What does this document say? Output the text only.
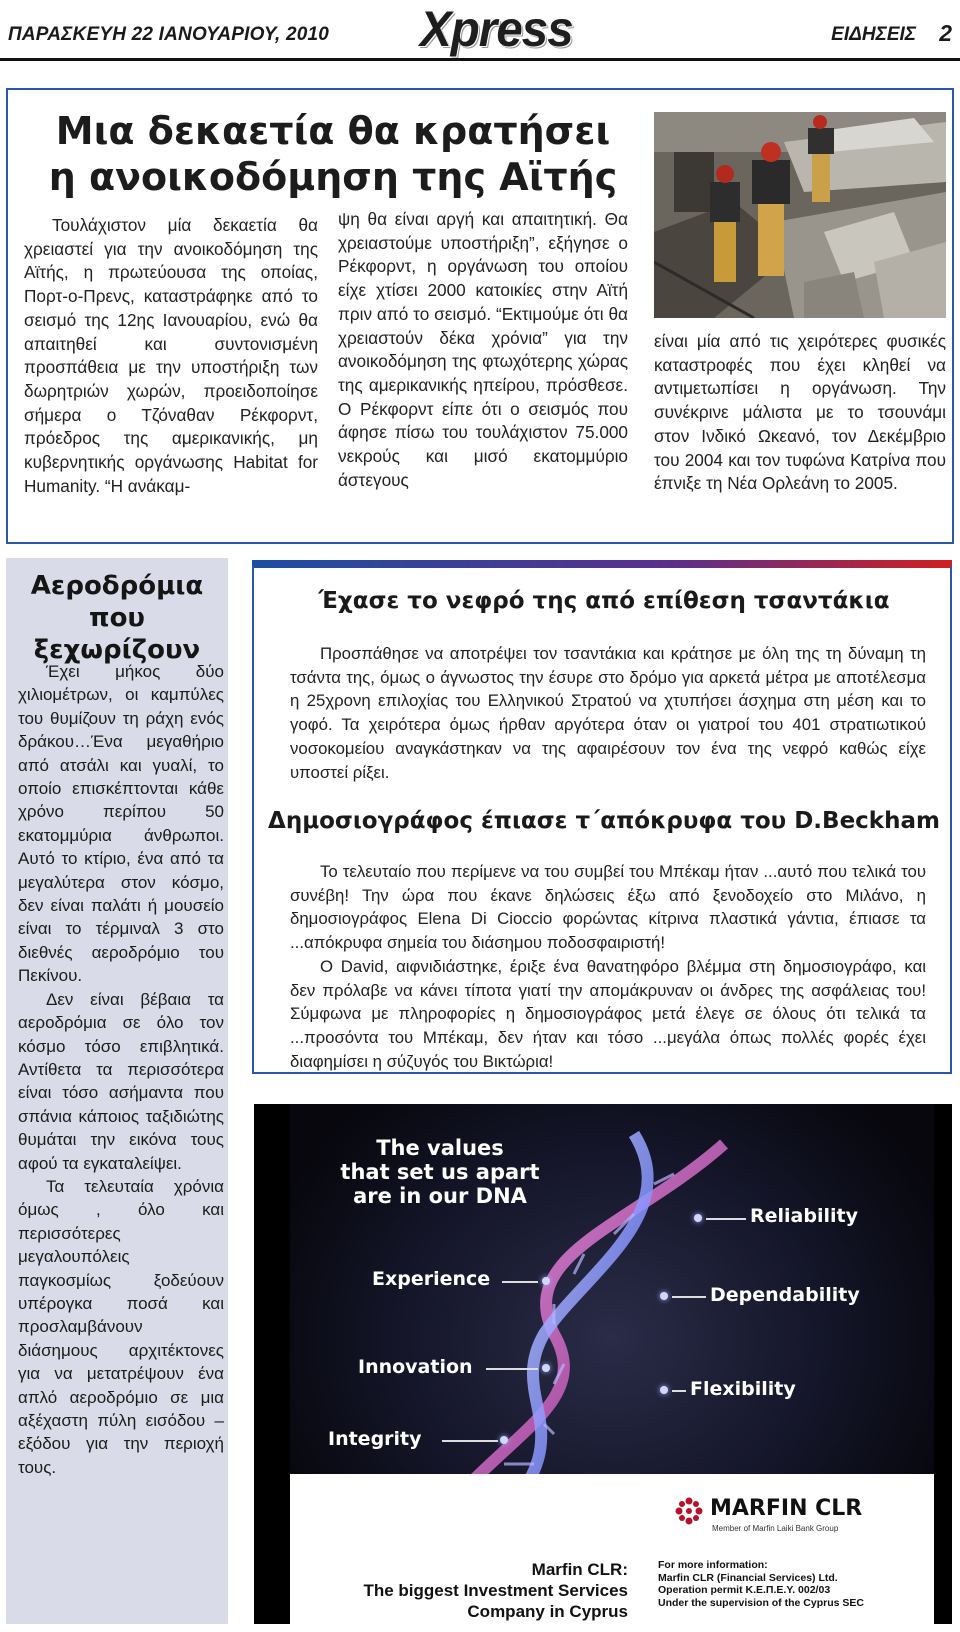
ΠΑΡΑΣΚΕΥΗ 22 ΙΑΝΟΥΑΡΙΟΥ, 2010 Xpress	ΕΙΔΗΣΕΙΣ 2
Μια δεκαετία θα κρατήσει
η ανοικοδόμηση της Αϊτής
Τουλάχιστον μία δεκαετία θα χρειαστεί για την ανοικοδόμηση της Αϊτής, η πρωτεύουσα της οποίας, Πορτ-ο-Πρενς, καταστράφηκε από το σεισμό της 12ης Ιανουαρίου, ενώ θα απαιτηθεί και συντονισμένη προσπάθεια με την υποστήριξη των δωρητριών χωρών, προειδοποίησε σήμερα ο Τζόναθαν Ρέκφορντ, πρόεδρος της αμερικανικής, μη κυβερνητικής οργάνωσης Habitat for Humanity. “Η ανάκαμ-
ψη θα είναι αργή και απαιτητική. Θα χρειαστούμε υποστήριξη”, εξήγησε ο Ρέκφορντ, η οργάνωση του οποίου είχε χτίσει 2000 κατοικίες στην Αϊτή πριν από το σεισμό. “Εκτιμούμε ότι θα χρειαστούν δέκα χρόνια” για την ανοικοδόμηση της φτωχότερης χώρας της αμερικανικής ηπείρου, πρόσθεσε. Ο Ρέκφορντ είπε ότι ο σεισμός που άφησε πίσω του τουλάχιστον 75.000 νεκρούς και μισό εκατομμύριο άστεγους
είναι μία από τις χειρότερες φυσικές καταστροφές που έχει κληθεί να αντιμετωπίσει η οργάνωση. Την συνέκρινε μάλιστα με το τσουνάμι στον Ινδικό Ωκεανό, τον Δεκέμβριο του 2004 και τον τυφώνα Κατρίνα που έπνιξε τη Νέα Ορλεάνη το 2005.
Αεροδρόμια
που ξεχωρίζουν

Έχει μήκος δύο χιλιομέτρων, οι καμπύλες του θυμίζουν τη ράχη ενός δράκου…Ένα μεγαθήριο από ατσάλι και γυαλί, το οποίο επισκέπτονται κάθε χρόνο περίπου 50 εκατομμύρια άνθρωποι. Αυτό το κτίριο, ένα από τα μεγαλύτερα στον κόσμο, δεν είναι παλάτι ή μουσείο είναι το τέρμιναλ 3 στο διεθνές αεροδρόμιο του Πεκίνου.

Δεν είναι βέβαια τα αεροδρόμια σε όλο τον κόσμο τόσο επιβλητικά. Αντίθετα τα περισσότερα είναι τόσο ασήμαντα που σπάνια κάποιος ταξιδιώτης θυμάται την εικόνα τους αφού τα εγκαταλείψει.

Τα τελευταία χρόνια όμως , όλο και περισσότερες μεγαλουπόλεις παγκοσμίως ξοδεύουν υπέρογκα ποσά και προσλαμβάνουν διάσημους αρχιτέκτονες για να μετατρέψουν ένα απλό αεροδρόμιο σε μια αξέχαστη πύλη εισόδου – εξόδου για την περιοχή τους.

Έχασε το νεφρό της από επίθεση τσαντάκια
Προσπάθησε να αποτρέψει τον τσαντάκια και κράτησε με όλη της τη δύναμη τη τσάντα της, όμως ο άγνωστος την έσυρε στο δρόμο για αρκετά μέτρα με αποτέλεσμα η 25χρονη επιλοχίας του Ελληνικού Στρατού να χτυπήσει άσχημα στη μέση και το γοφό. Τα χειρότερα όμως ήρθαν αργότερα όταν οι γιατροί του 401 στρατιωτικού νοσοκομείου αναγκάστηκαν να της αφαιρέσουν τον ένα της νεφρό καθώς είχε υποστεί ρίξει.
Δημοσιογράφος έπιασε τ΄απόκρυφα του D.Beckham

Το τελευταίο που περίμενε να του συμβεί του Μπέκαμ ήταν ...αυτό που τελικά του συνέβη! Την ώρα που έκανε δηλώσεις έξω από ξενοδοχείο στο Μιλάνο, η δημοσιογράφος Elena Di Cioccio φορώντας κίτρινα πλαστικά γάντια, έπιασε τα ...απόκρυφα σημεία του διάσημου ποδοσφαιριστή!

Ο David, αιφνιδιάστηκε, έριξε ένα θανατηφόρο βλέμμα στη δημοσιογράφο, και δεν πρόλαβε να κάνει τίποτα γιατί την απομάκρυναν οι άνδρες της ασφάλειας του! Σύμφωνα με πληροφορίες η δημοσιογράφος μετά έλεγε σε όλους ότι τελικά τα ...προσόντα του Μπέκαμ, δεν ήταν και τόσο ...μεγάλα όπως πολλές φορές έχει διαφημίσει η σύζυγός του Βικτώρια!

The values
that set us apart
are in our DNA
Reliability
Experience
Dependability
Innovation
Flexibility
Integrity
MARFIN CLR
Member of Marfin Laiki Bank Group
Marfin CLR:
The biggest Investment Services
Company in Cyprus
For more information:
Marfin CLR (Financial Services) Ltd.
Operation permit Κ.Ε.Π.Ε.Υ. 002/03
Under the supervision of the Cyprus SEC
